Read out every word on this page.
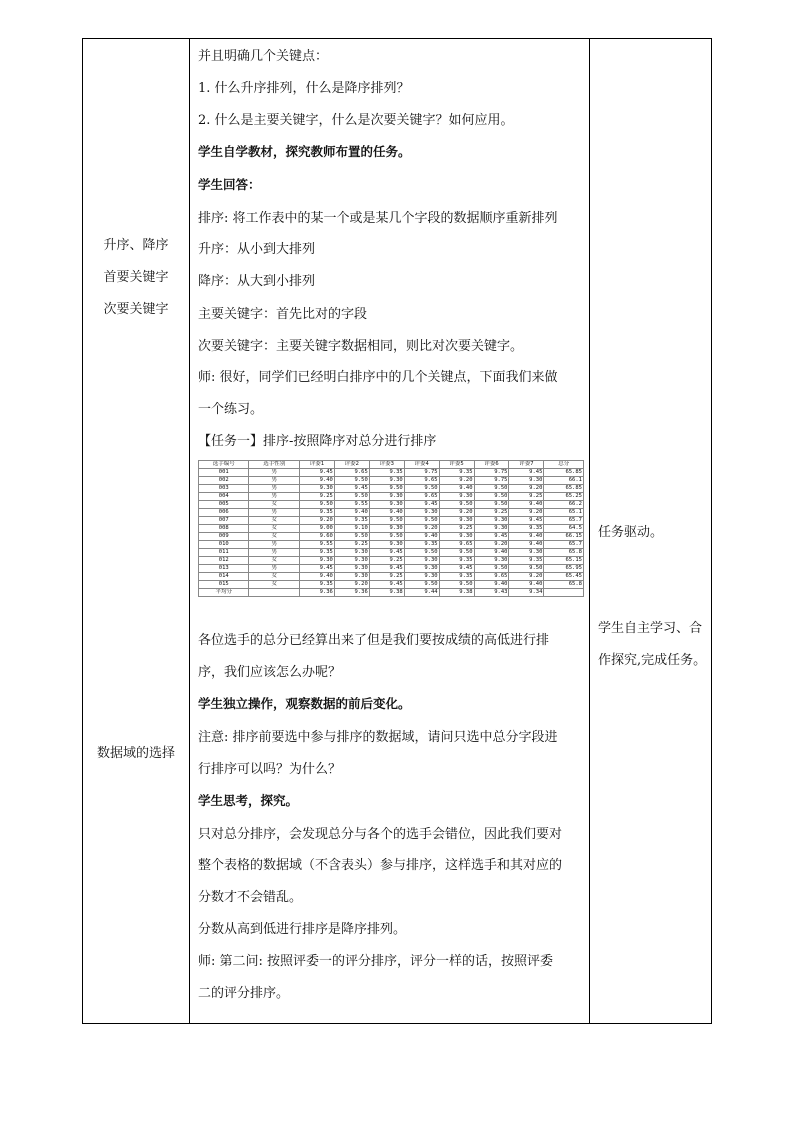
升序、降序
首要关键字
次要关键字
数据域的选择
任务驱动。
学生自主学习、合
作探究,完成任务。

并且明确几个关键点：

1. 什么升序排列，什么是降序排列？

2. 什么是主要关键字，什么是次要关键字？如何应用。

学生自学教材，探究教师布置的任务。

学生回答：

排序: 将工作表中的某一个或是某几个字段的数据顺序重新排列

升序：从小到大排列

降序：从大到小排列

主要关键字：首先比对的字段

次要关键字：主要关键字数据相同，则比对次要关键字。

师: 很好，同学们已经明白排序中的几个关键点，下面我们来做

一个练习。

【任务一】排序-按照降序对总分进行排序

选手编号	选手性别	评委1	评委2	评委3	评委4	评委5	评委6	评委7	总分
001	男	9.45	9.65	9.35	9.75	9.35	9.75	9.45	65.85
002	男	9.40	9.50	9.30	9.65	9.20	9.75	9.30	66.1
003	男	9.30	9.45	9.50	9.50	9.40	9.50	9.20	65.85
004	男	9.25	9.50	9.30	9.65	9.30	9.50	9.25	65.25
005	女	9.50	9.55	9.30	9.45	9.50	9.50	9.40	66.2
006	男	9.35	9.40	9.40	9.30	9.20	9.25	9.20	65.1
007	女	9.20	9.35	9.50	9.50	9.30	9.30	9.45	65.7
008	女	9.00	9.10	9.30	9.20	9.25	9.30	9.35	64.5
009	女	9.60	9.50	9.50	9.40	9.30	9.45	9.40	66.15
010	男	9.55	9.25	9.30	9.35	9.65	9.20	9.40	65.7
011	男	9.35	9.30	9.45	9.50	9.50	9.40	9.30	65.8
012	女	9.30	9.30	9.25	9.30	9.35	9.30	9.35	65.15
013	男	9.45	9.30	9.45	9.30	9.45	9.50	9.50	65.95
014	女	9.40	9.30	9.25	9.30	9.35	9.65	9.20	65.45
015	女	9.35	9.20	9.45	9.50	9.50	9.40	9.40	65.8
平均分		9.36	9.36	9.38	9.44	9.38	9.43	9.34	

各位选手的总分已经算出来了但是我们要按成绩的高低进行排

序，我们应该怎么办呢？

学生独立操作，观察数据的前后变化。

注意: 排序前要选中参与排序的数据域，请问只选中总分字段进

行排序可以吗？为什么？

学生思考，探究。

只对总分排序，会发现总分与各个的选手会错位，因此我们要对

整个表格的数据域（不含表头）参与排序，这样选手和其对应的

分数才不会错乱。

分数从高到低进行排序是降序排列。

师: 第二问: 按照评委一的评分排序，评分一样的话，按照评委

二的评分排序。
